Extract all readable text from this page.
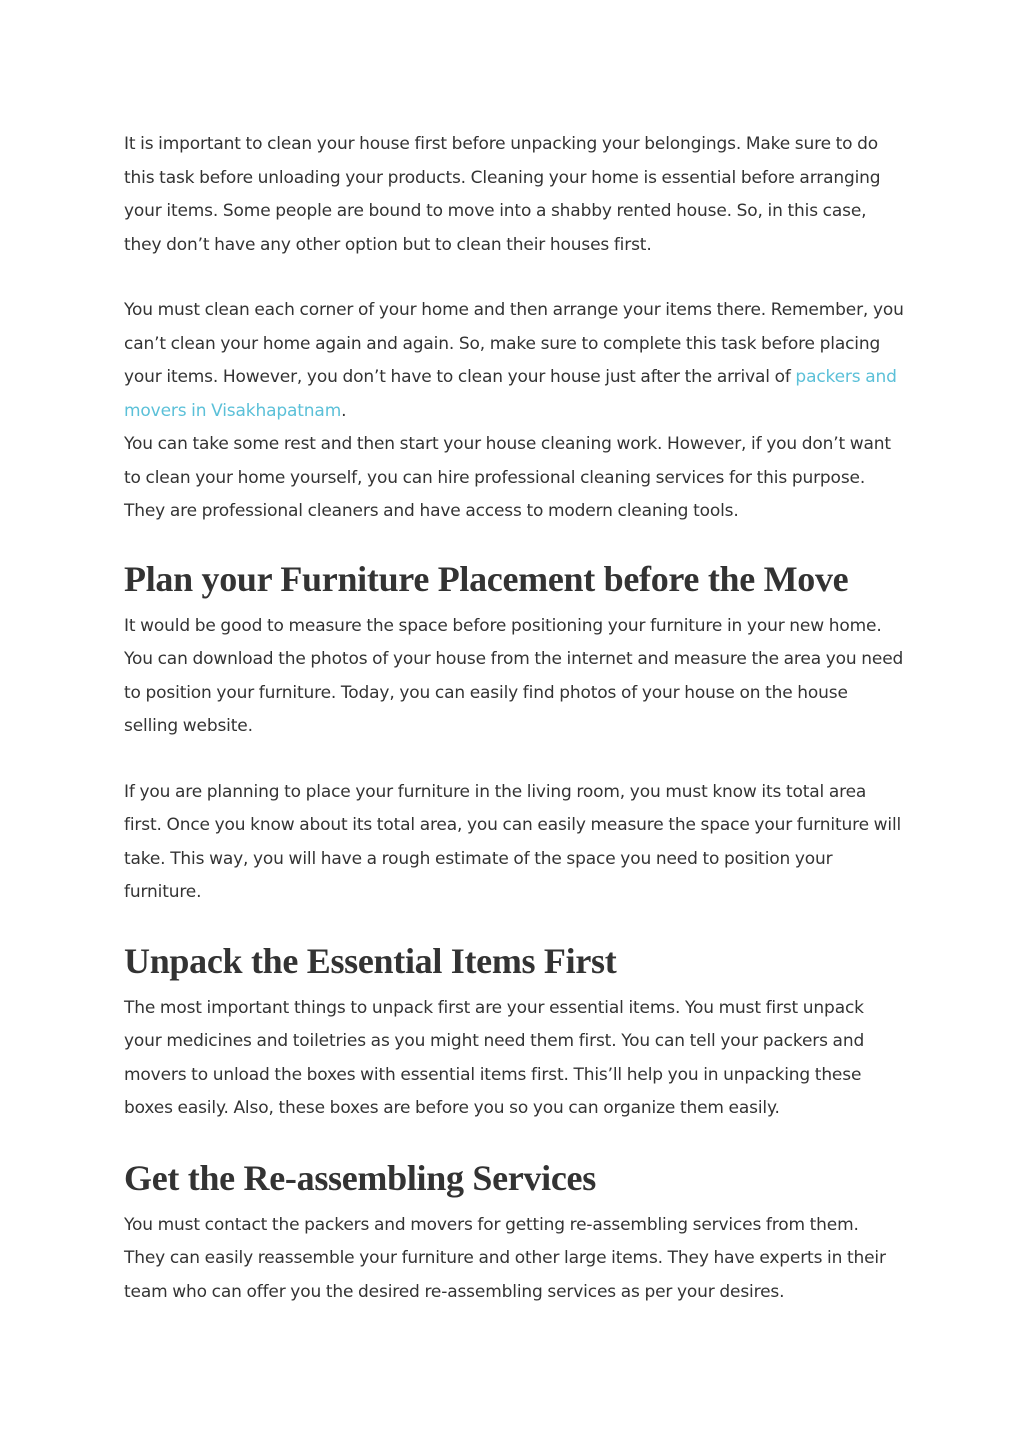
It is important to clean your house first before unpacking your belongings. Make sure to do this task before unloading your products. Cleaning your home is essential before arranging your items. Some people are bound to move into a shabby rented house. So, in this case, they don’t have any other option but to clean their houses first.

You must clean each corner of your home and then arrange your items there. Remember, you can’t clean your home again and again. So, make sure to complete this task before placing your items. However, you don’t have to clean your house just after the arrival of packers and movers in Visakhapatnam.

You can take some rest and then start your house cleaning work. However, if you don’t want to clean your home yourself, you can hire professional cleaning services for this purpose. They are professional cleaners and have access to modern cleaning tools.

Plan your Furniture Placement before the Move

It would be good to measure the space before positioning your furniture in your new home. You can download the photos of your house from the internet and measure the area you need to position your furniture. Today, you can easily find photos of your house on the house selling website.

If you are planning to place your furniture in the living room, you must know its total area first. Once you know about its total area, you can easily measure the space your furniture will take. This way, you will have a rough estimate of the space you need to position your furniture.

Unpack the Essential Items First

The most important things to unpack first are your essential items. You must first unpack your medicines and toiletries as you might need them first. You can tell your packers and movers to unload the boxes with essential items first. This’ll help you in unpacking these boxes easily. Also, these boxes are before you so you can organize them easily.

Get the Re-assembling Services

You must contact the packers and movers for getting re-assembling services from them. They can easily reassemble your furniture and other large items. They have experts in their team who can offer you the desired re-assembling services as per your desires.
